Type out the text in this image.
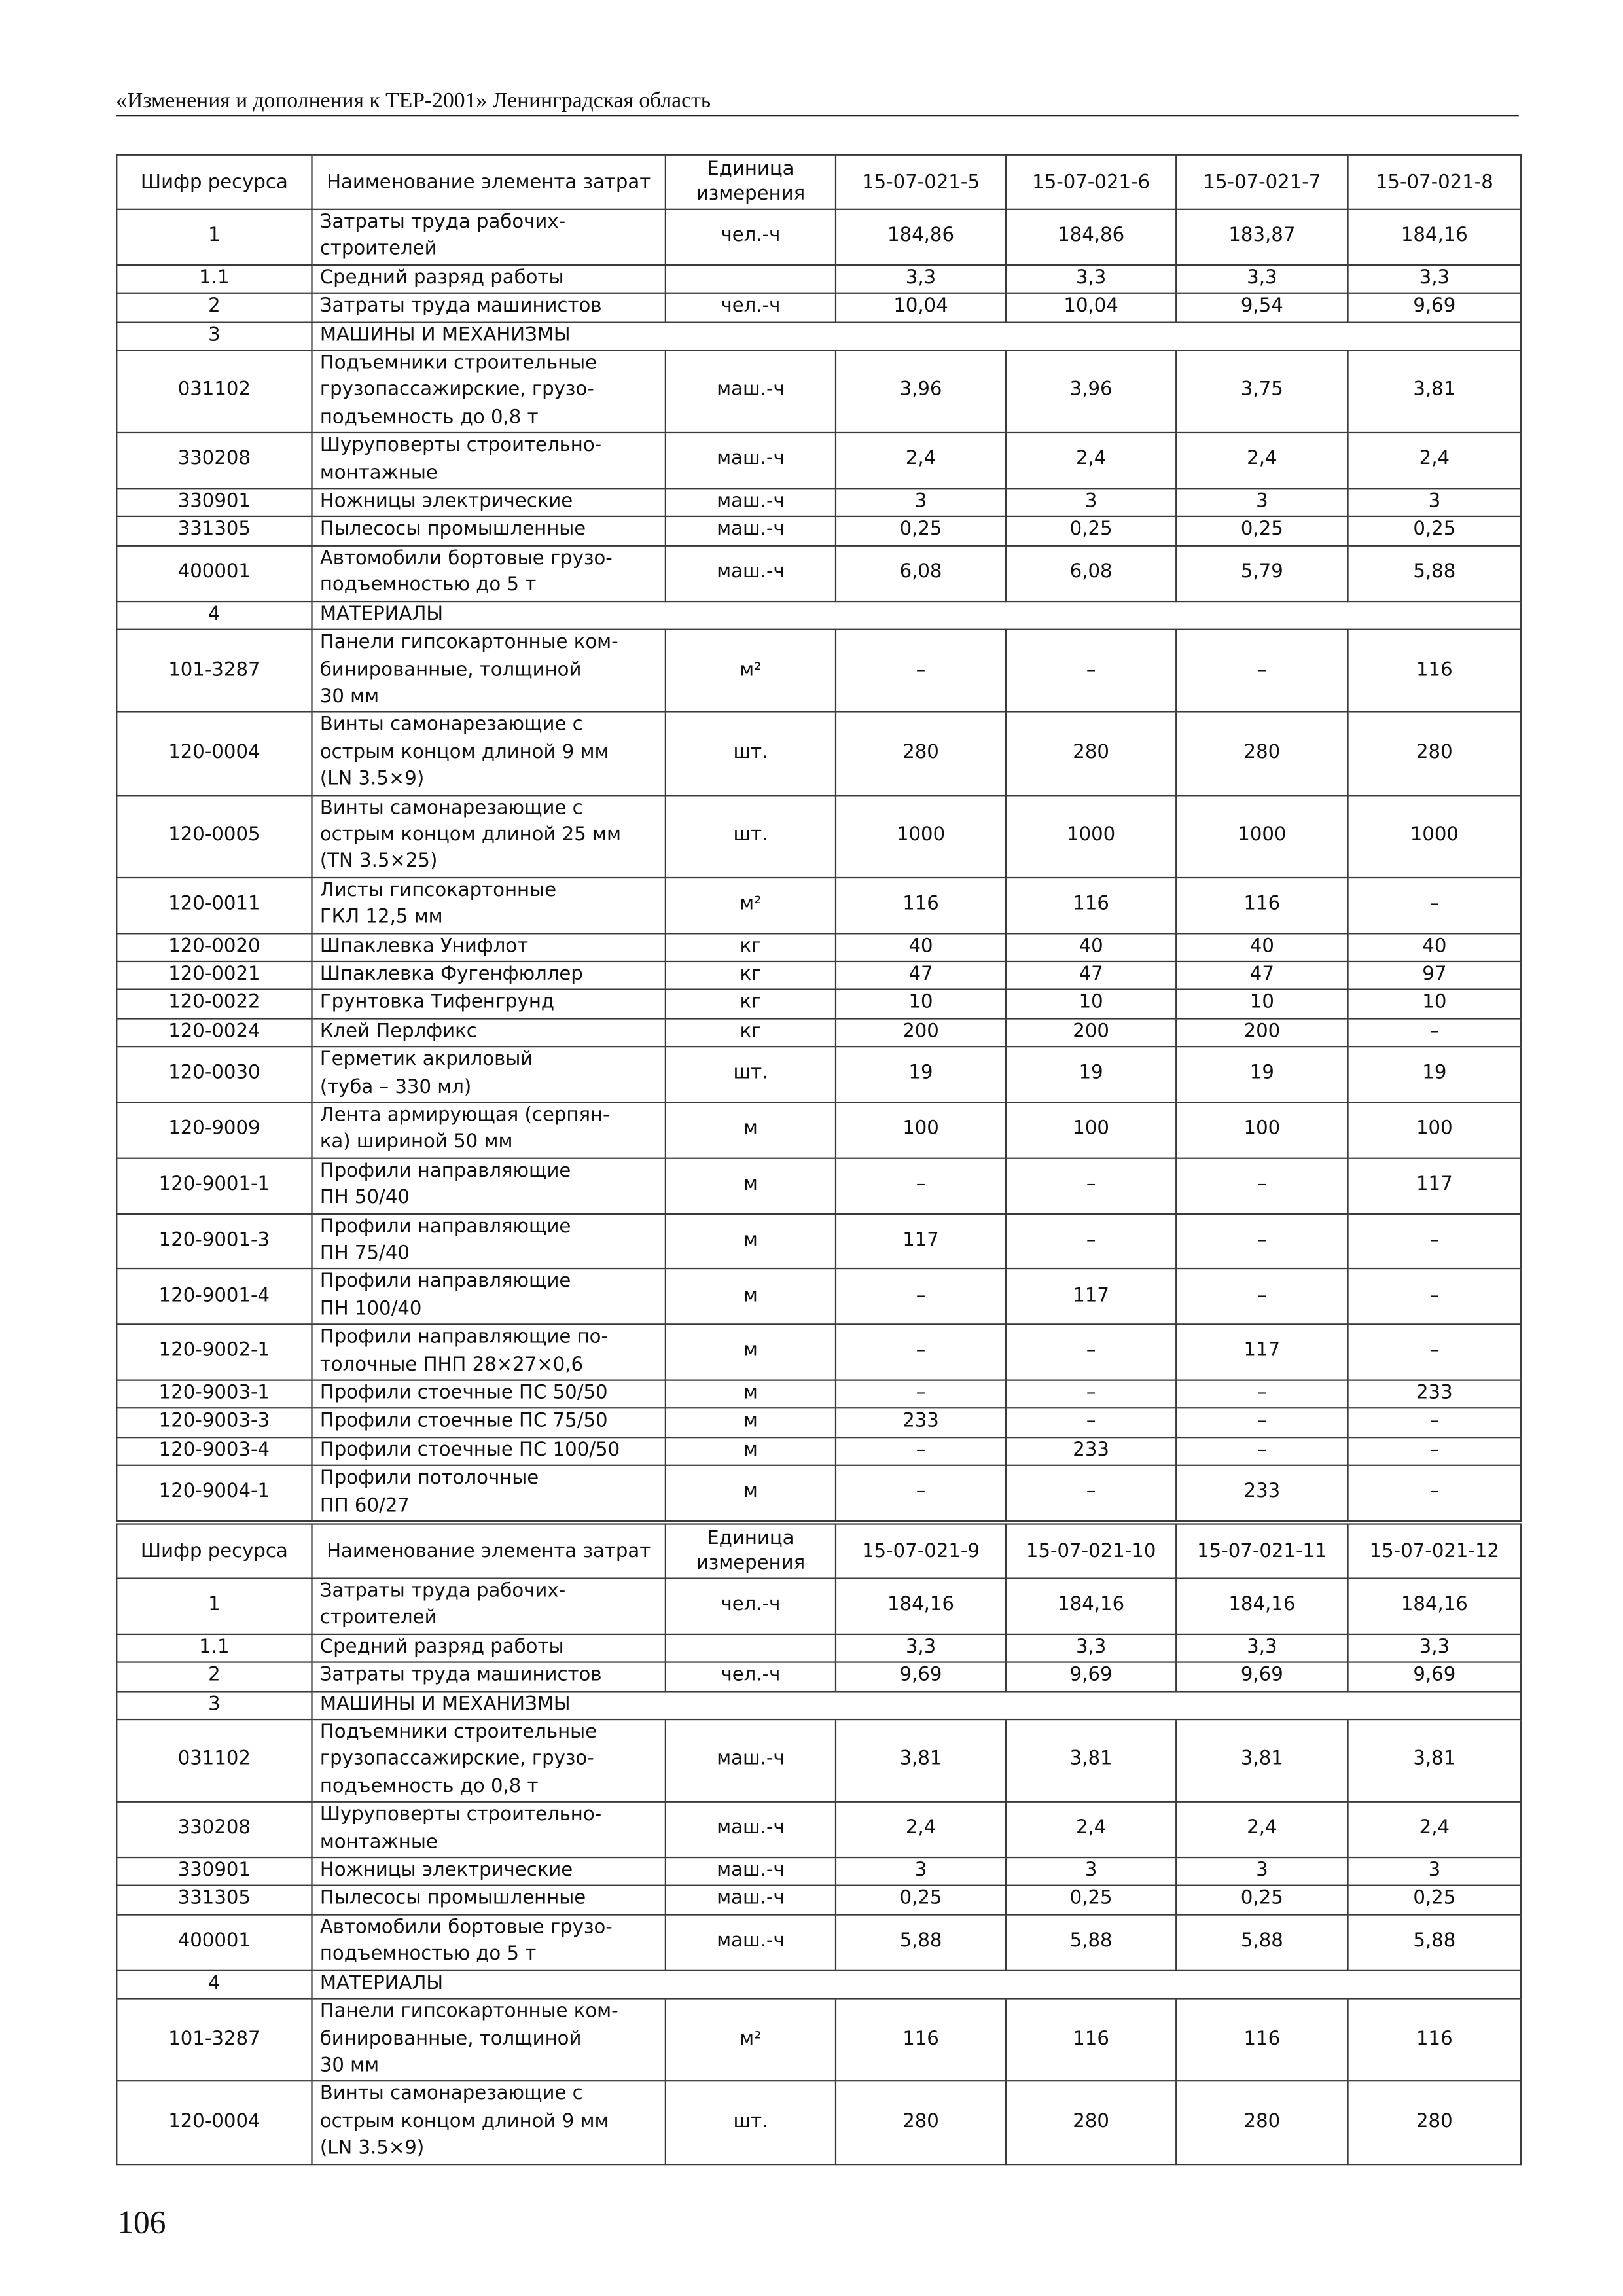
«Изменения и дополнения к ТЕР-2001» Ленинградская область
Шифр ресурса	Наименование элемента затрат	Единица измерения	15-07-021-5	15-07-021-6	15-07-021-7	15-07-021-8
1	Затраты труда рабочих-
строителей	чел.-ч	184,86	184,86	183,87	184,16
1.1	Средний разряд работы		3,3	3,3	3,3	3,3
2	Затраты труда машинистов	чел.-ч	10,04	10,04	9,54	9,69
3	МАШИНЫ И МЕХАНИЗМЫ					
031102	Подъемники строительные
грузопассажирские, грузо-
подъемность до 0,8 т	маш.-ч	3,96	3,96	3,75	3,81
330208	Шуруповерты строительно-
монтажные	маш.-ч	2,4	2,4	2,4	2,4
330901	Ножницы электрические	маш.-ч	3	3	3	3
331305	Пылесосы промышленные	маш.-ч	0,25	0,25	0,25	0,25
400001	Автомобили бортовые грузо-
подъемностью до 5 т	маш.-ч	6,08	6,08	5,79	5,88
4	МАТЕРИАЛЫ					
101-3287	Панели гипсокартонные ком-
бинированные, толщиной
30 мм	м²	–	–	–	116
120-0004	Винты самонарезающие с
острым концом длиной 9 мм
(LN 3.5×9)	шт.	280	280	280	280
120-0005	Винты самонарезающие с
острым концом длиной 25 мм
(TN 3.5×25)	шт.	1000	1000	1000	1000
120-0011	Листы гипсокартонные
ГКЛ 12,5 мм	м²	116	116	116	–
120-0020	Шпаклевка Унифлот	кг	40	40	40	40
120-0021	Шпаклевка Фугенфюллер	кг	47	47	47	97
120-0022	Грунтовка Тифенгрунд	кг	10	10	10	10
120-0024	Клей Перлфикс	кг	200	200	200	–
120-0030	Герметик акриловый
(туба – 330 мл)	шт.	19	19	19	19
120-9009	Лента армирующая (серпян-
ка) шириной 50 мм	м	100	100	100	100
120-9001-1	Профили направляющие
ПН 50/40	м	–	–	–	117
120-9001-3	Профили направляющие
ПН 75/40	м	117	–	–	–
120-9001-4	Профили направляющие
ПН 100/40	м	–	117	–	–
120-9002-1	Профили направляющие по-
толочные ПНП 28×27×0,6	м	–	–	117	–
120-9003-1	Профили стоечные ПС 50/50	м	–	–	–	233
120-9003-3	Профили стоечные ПС 75/50	м	233	–	–	–
120-9003-4	Профили стоечные ПС 100/50	м	–	233	–	–
120-9004-1	Профили потолочные
ПП 60/27	м	–	–	233	–
Шифр ресурса	Наименование элемента затрат	Единица измерения	15-07-021-9	15-07-021-10	15-07-021-11	15-07-021-12
1	Затраты труда рабочих-
строителей	чел.-ч	184,16	184,16	184,16	184,16
1.1	Средний разряд работы		3,3	3,3	3,3	3,3
2	Затраты труда машинистов	чел.-ч	9,69	9,69	9,69	9,69
3	МАШИНЫ И МЕХАНИЗМЫ					
031102	Подъемники строительные
грузопассажирские, грузо-
подъемность до 0,8 т	маш.-ч	3,81	3,81	3,81	3,81
330208	Шуруповерты строительно-
монтажные	маш.-ч	2,4	2,4	2,4	2,4
330901	Ножницы электрические	маш.-ч	3	3	3	3
331305	Пылесосы промышленные	маш.-ч	0,25	0,25	0,25	0,25
400001	Автомобили бортовые грузо-
подъемностью до 5 т	маш.-ч	5,88	5,88	5,88	5,88
4	МАТЕРИАЛЫ					
101-3287	Панели гипсокартонные ком-
бинированные, толщиной
30 мм	м²	116	116	116	116
120-0004	Винты самонарезающие с
острым концом длиной 9 мм
(LN 3.5×9)	шт.	280	280	280	280
106
